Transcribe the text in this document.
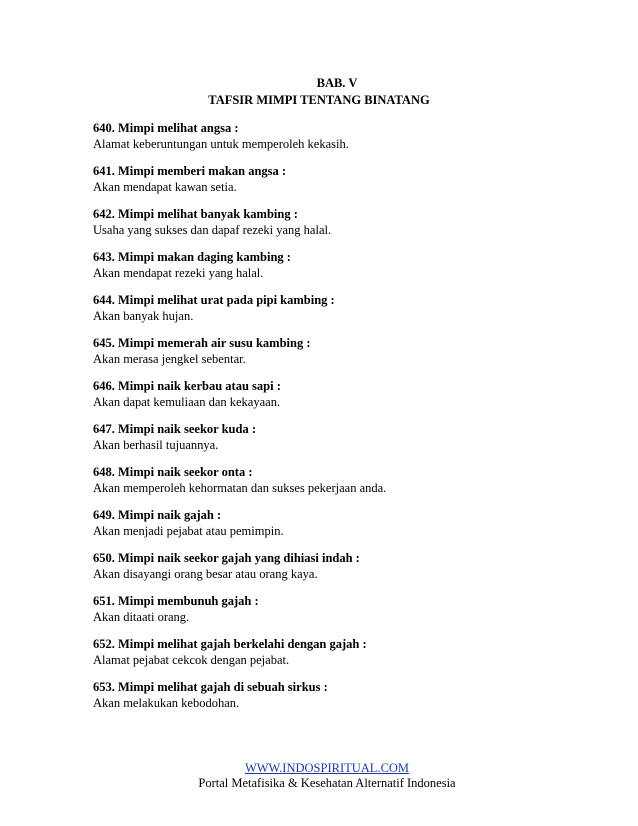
BAB. V
TAFSIR MIMPI TENTANG BINATANG
640. Mimpi melihat angsa :
Alamat keberuntungan untuk memperoleh kekasih.
641. Mimpi memberi makan angsa :
Akan mendapat kawan setia.
642. Mimpi melihat banyak kambing :
Usaha yang sukses dan dapaf rezeki yang halal.
643. Mimpi makan daging kambing :
Akan mendapat rezeki yang halal.
644. Mimpi melihat urat pada pipi kambing :
Akan banyak hujan.
645. Mimpi memerah air susu kambing :
Akan merasa jengkel sebentar.
646. Mimpi naik kerbau atau sapi :
Akan dapat kemuliaan dan kekayaan.
647. Mimpi naik seekor kuda :
Akan berhasil tujuannya.
648. Mimpi naik seekor onta :
Akan memperoleh kehormatan dan sukses pekerjaan anda.
649. Mimpi naik gajah :
Akan menjadi pejabat atau pemimpin.
650. Mimpi naik seekor gajah yang dihiasi indah :
Akan disayangi orang besar atau orang kaya.
651. Mimpi membunuh gajah :
Akan ditaati orang.
652. Mimpi melihat gajah berkelahi dengan gajah :
Alamat pejabat cekcok dengan pejabat.
653. Mimpi melihat gajah di sebuah sirkus :
Akan melakukan kebodohan.
WWW.INDOSPIRITUAL.COM
Portal Metafisika & Kesehatan Alternatif Indonesia
